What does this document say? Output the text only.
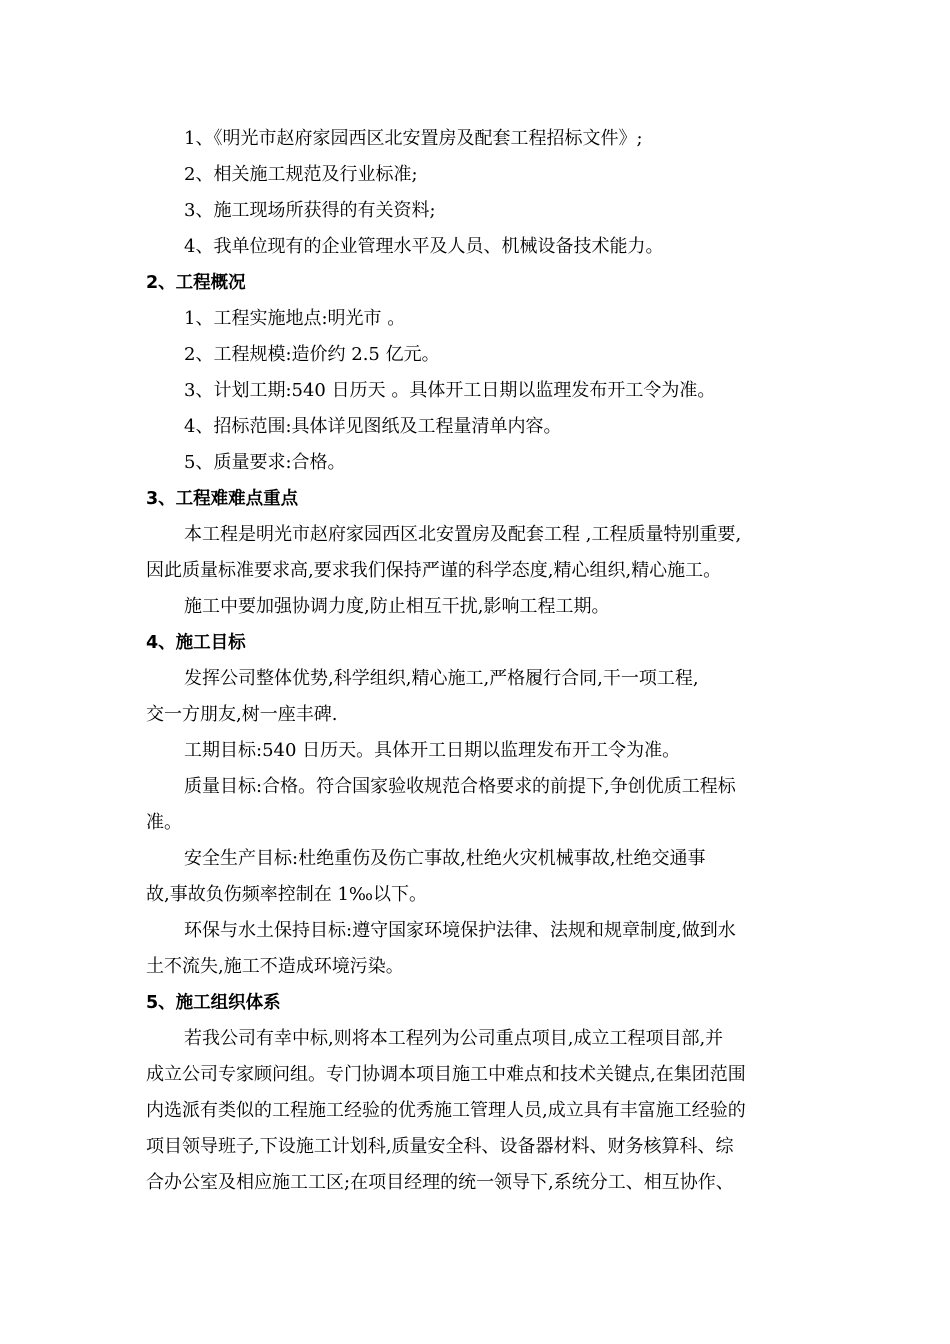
1、《明光市赵府家园西区北安置房及配套工程招标文件》;
2、相关施工规范及行业标准;
3、施工现场所获得的有关资料;
4、我单位现有的企业管理水平及人员、机械设备技术能力。
2、工程概况
1、工程实施地点:明光市 。
2、工程规模:造价约 2.5 亿元。
3、计划工期:540 日历天 。具体开工日期以监理发布开工令为准。
4、招标范围:具体详见图纸及工程量清单内容。
5、质量要求:合格。
3、工程难难点重点
本工程是明光市赵府家园西区北安置房及配套工程 ,工程质量特别重要,
因此质量标准要求高,要求我们保持严谨的科学态度,精心组织,精心施工。
施工中要加强协调力度,防止相互干扰,影响工程工期。
4、施工目标
发挥公司整体优势,科学组织,精心施工,严格履行合同,干一项工程,
交一方朋友,树一座丰碑.
工期目标:540 日历天。具体开工日期以监理发布开工令为准。
质量目标:合格。符合国家验收规范合格要求的前提下,争创优质工程标
准。
安全生产目标:杜绝重伤及伤亡事故,杜绝火灾机械事故,杜绝交通事
故,事故负伤频率控制在 1‰以下。
环保与水土保持目标:遵守国家环境保护法律、法规和规章制度,做到水
土不流失,施工不造成环境污染。
5、施工组织体系
若我公司有幸中标,则将本工程列为公司重点项目,成立工程项目部,并
成立公司专家顾问组。专门协调本项目施工中难点和技术关键点,在集团范围
内选派有类似的工程施工经验的优秀施工管理人员,成立具有丰富施工经验的
项目领导班子,下设施工计划科,质量安全科、设备器材料、财务核算科、综
合办公室及相应施工工区;在项目经理的统一领导下,系统分工、相互协作、
